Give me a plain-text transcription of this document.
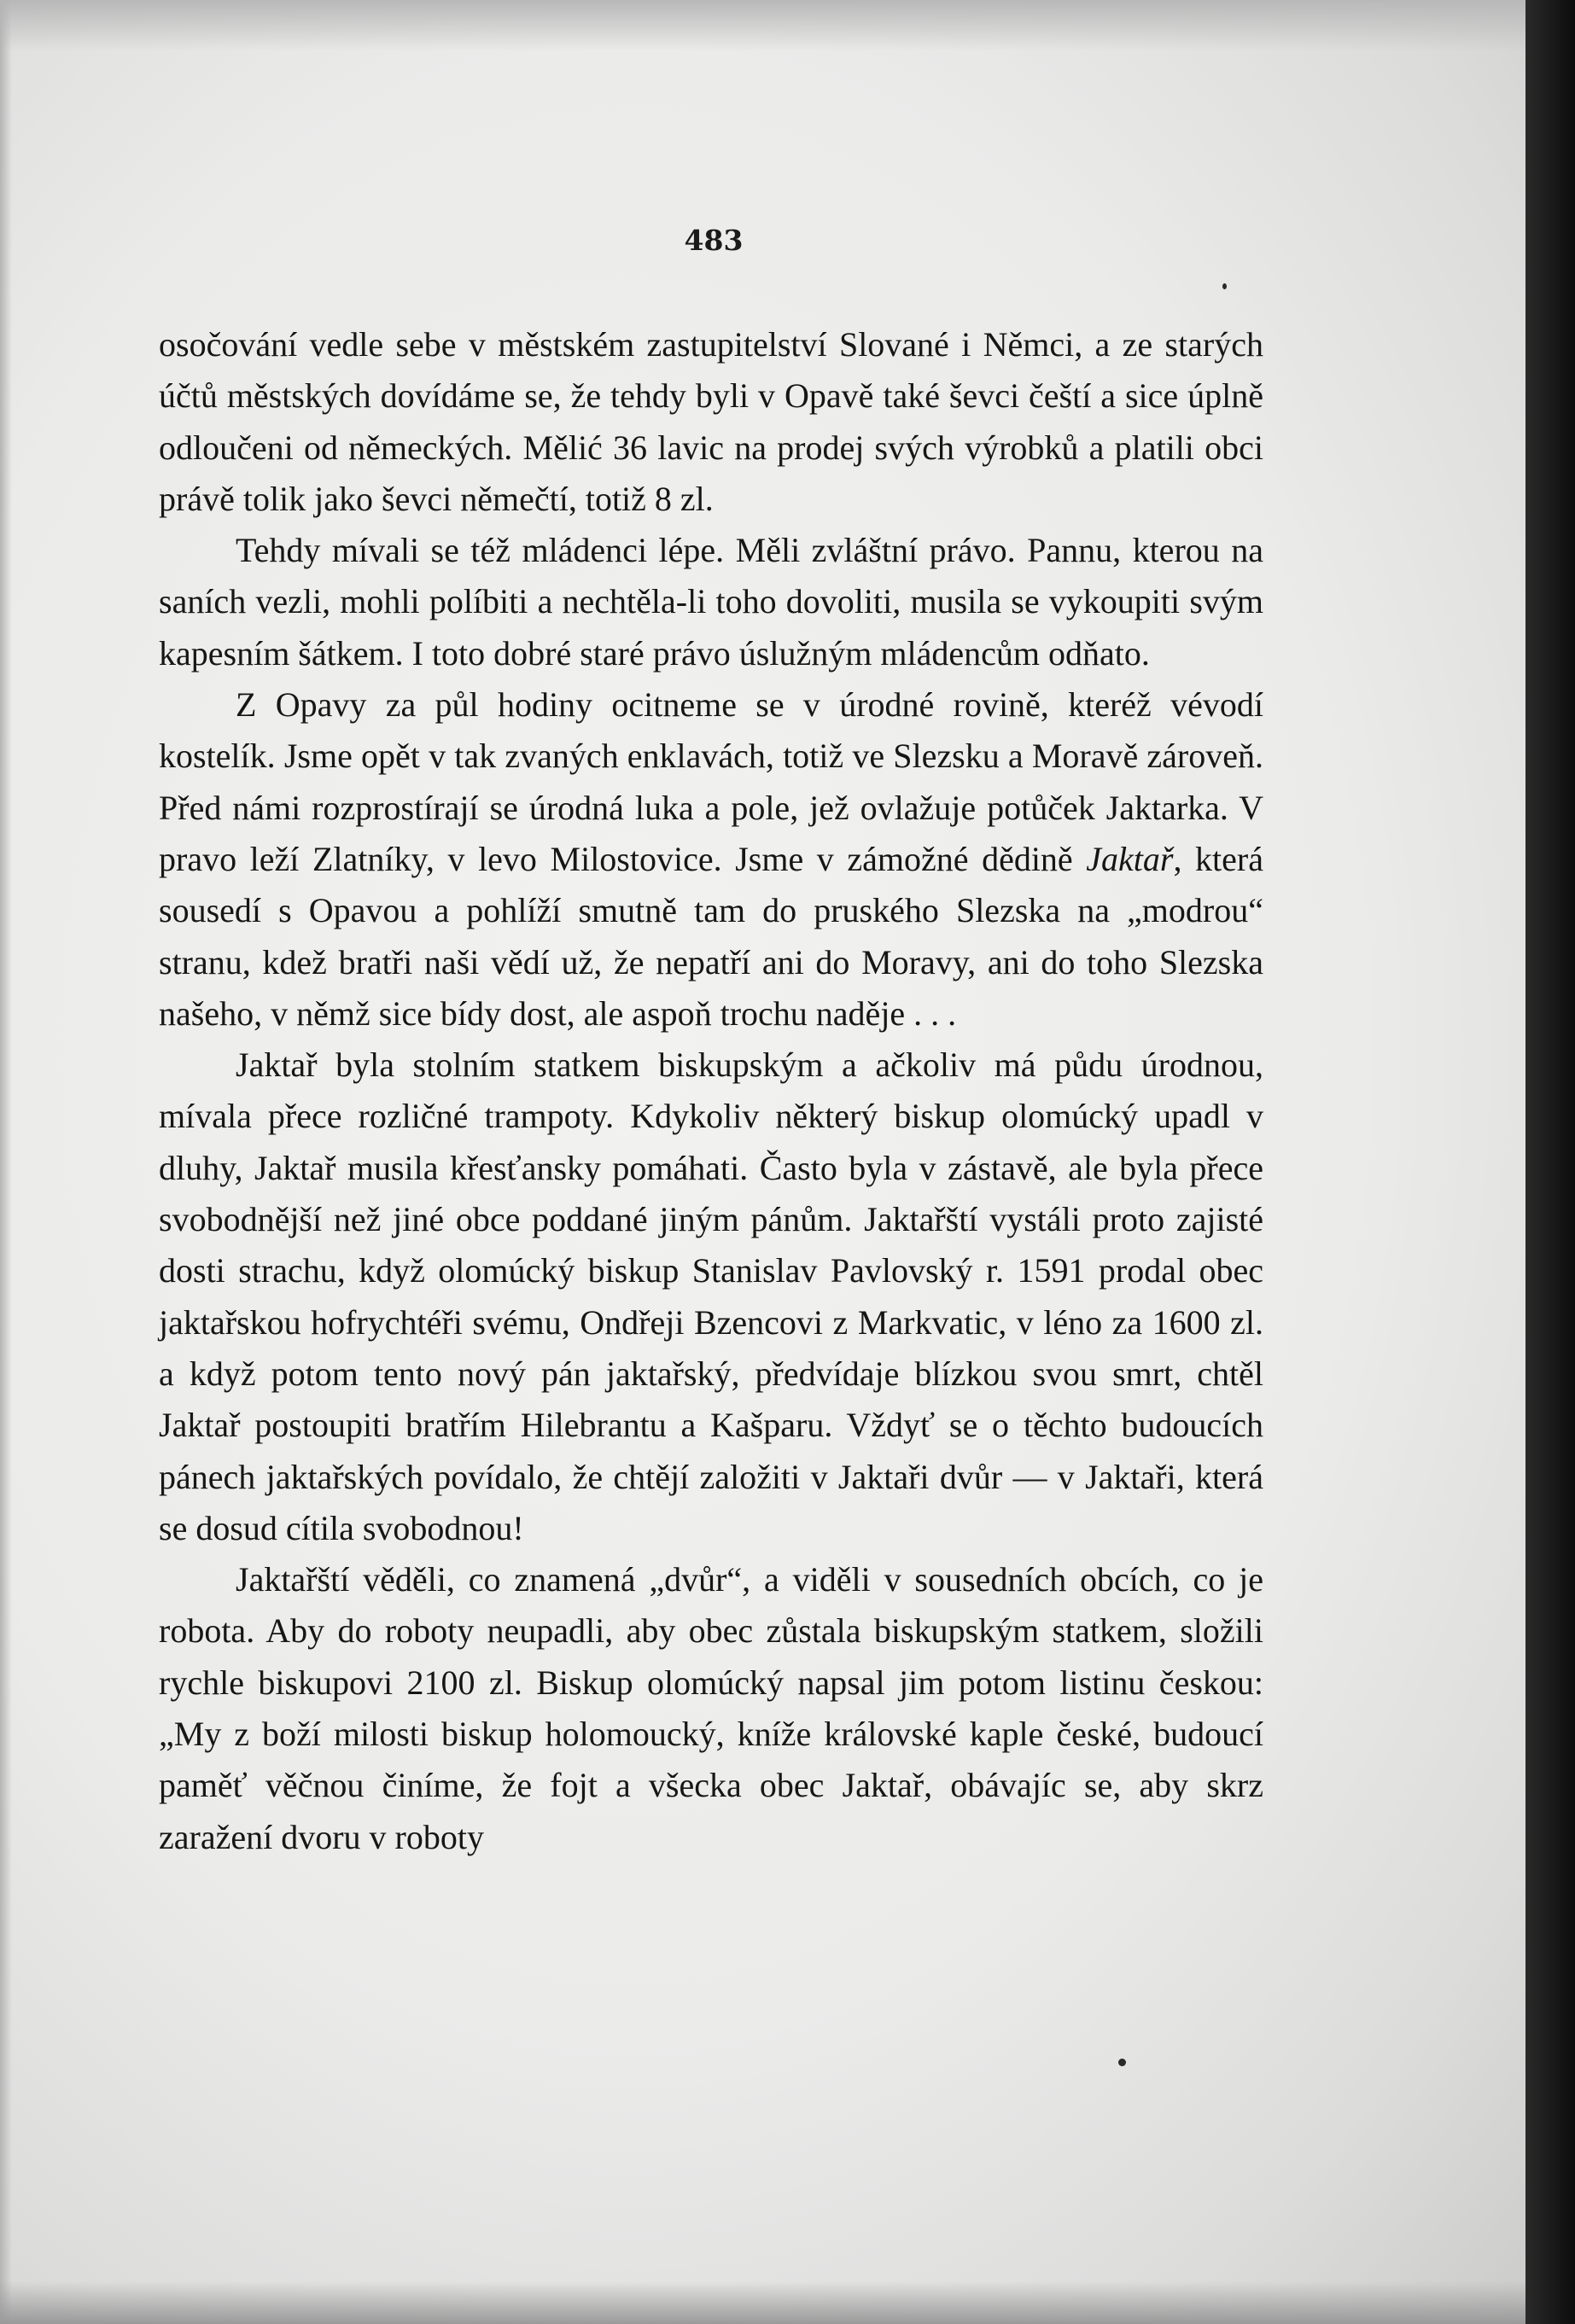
483

osočování vedle sebe v městském zastupitelství Slované i Němci, a ze starých účtů městských dovídáme se, že tehdy byli v Opavě také ševci čeští a sice úplně odloučeni od německých. Mělić 36 lavic na prodej svých výrobků a platili obci právě tolik jako ševci němečtí, totiž 8 zl.

Tehdy mívali se též mládenci lépe. Měli zvláštní právo. Pannu, kterou na saních vezli, mohli políbiti a nechtěla-li toho dovoliti, musila se vykoupiti svým kapesním šátkem. I toto dobré staré právo úslužným mládencům odňato.

Z Opavy za půl hodiny ocitneme se v úrodné rovině, kteréž vévodí kostelík. Jsme opět v tak zvaných enklavách, totiž ve Slezsku a Moravě zároveň. Před námi rozprostírají se úrodná luka a pole, jež ovlažuje potůček Jaktarka. V pravo leží Zlatníky, v levo Milostovice. Jsme v zámožné dědině Jaktař, která sousedí s Opavou a pohlíží smutně tam do pruského Slezska na „modrou“ stranu, kdež bratři naši vědí už, že nepatří ani do Moravy, ani do toho Slezska našeho, v němž sice bídy dost, ale aspoň trochu naděje . . .

Jaktař byla stolním statkem biskupským a ačkoliv má půdu úrodnou, mívala přece rozličné trampoty. Kdykoliv některý biskup olomúcký upadl v dluhy, Jaktař musila křesťansky pomáhati. Často byla v zástavě, ale byla přece svobodnější než jiné obce poddané jiným pánům. Jaktařští vystáli proto zajisté dosti strachu, když olomúcký biskup Stanislav Pavlovský r. 1591 prodal obec jaktařskou hofrychtéři svému, Ondřeji Bzencovi z Markvatic, v léno za 1600 zl. a když potom tento nový pán jaktařský, předvídaje blízkou svou smrt, chtěl Jaktař postoupiti bratřím Hilebrantu a Kašparu. Vždyť se o těchto budoucích pánech jaktařských povídalo, že chtějí založiti v Jaktaři dvůr — v Jaktaři, která se dosud cítila svobodnou!

Jaktařští věděli, co znamená „dvůr“, a viděli v sousedních obcích, co je robota. Aby do roboty neupadli, aby obec zůstala biskupským statkem, složili rychle biskupovi 2100 zl. Biskup olomúcký napsal jim potom listinu českou: „My z boží milosti biskup holomoucký, kníže královské kaple české, budoucí paměť věčnou činíme, že fojt a všecka obec Jaktař, obávajíc se, aby skrz zaražení dvoru v roboty
